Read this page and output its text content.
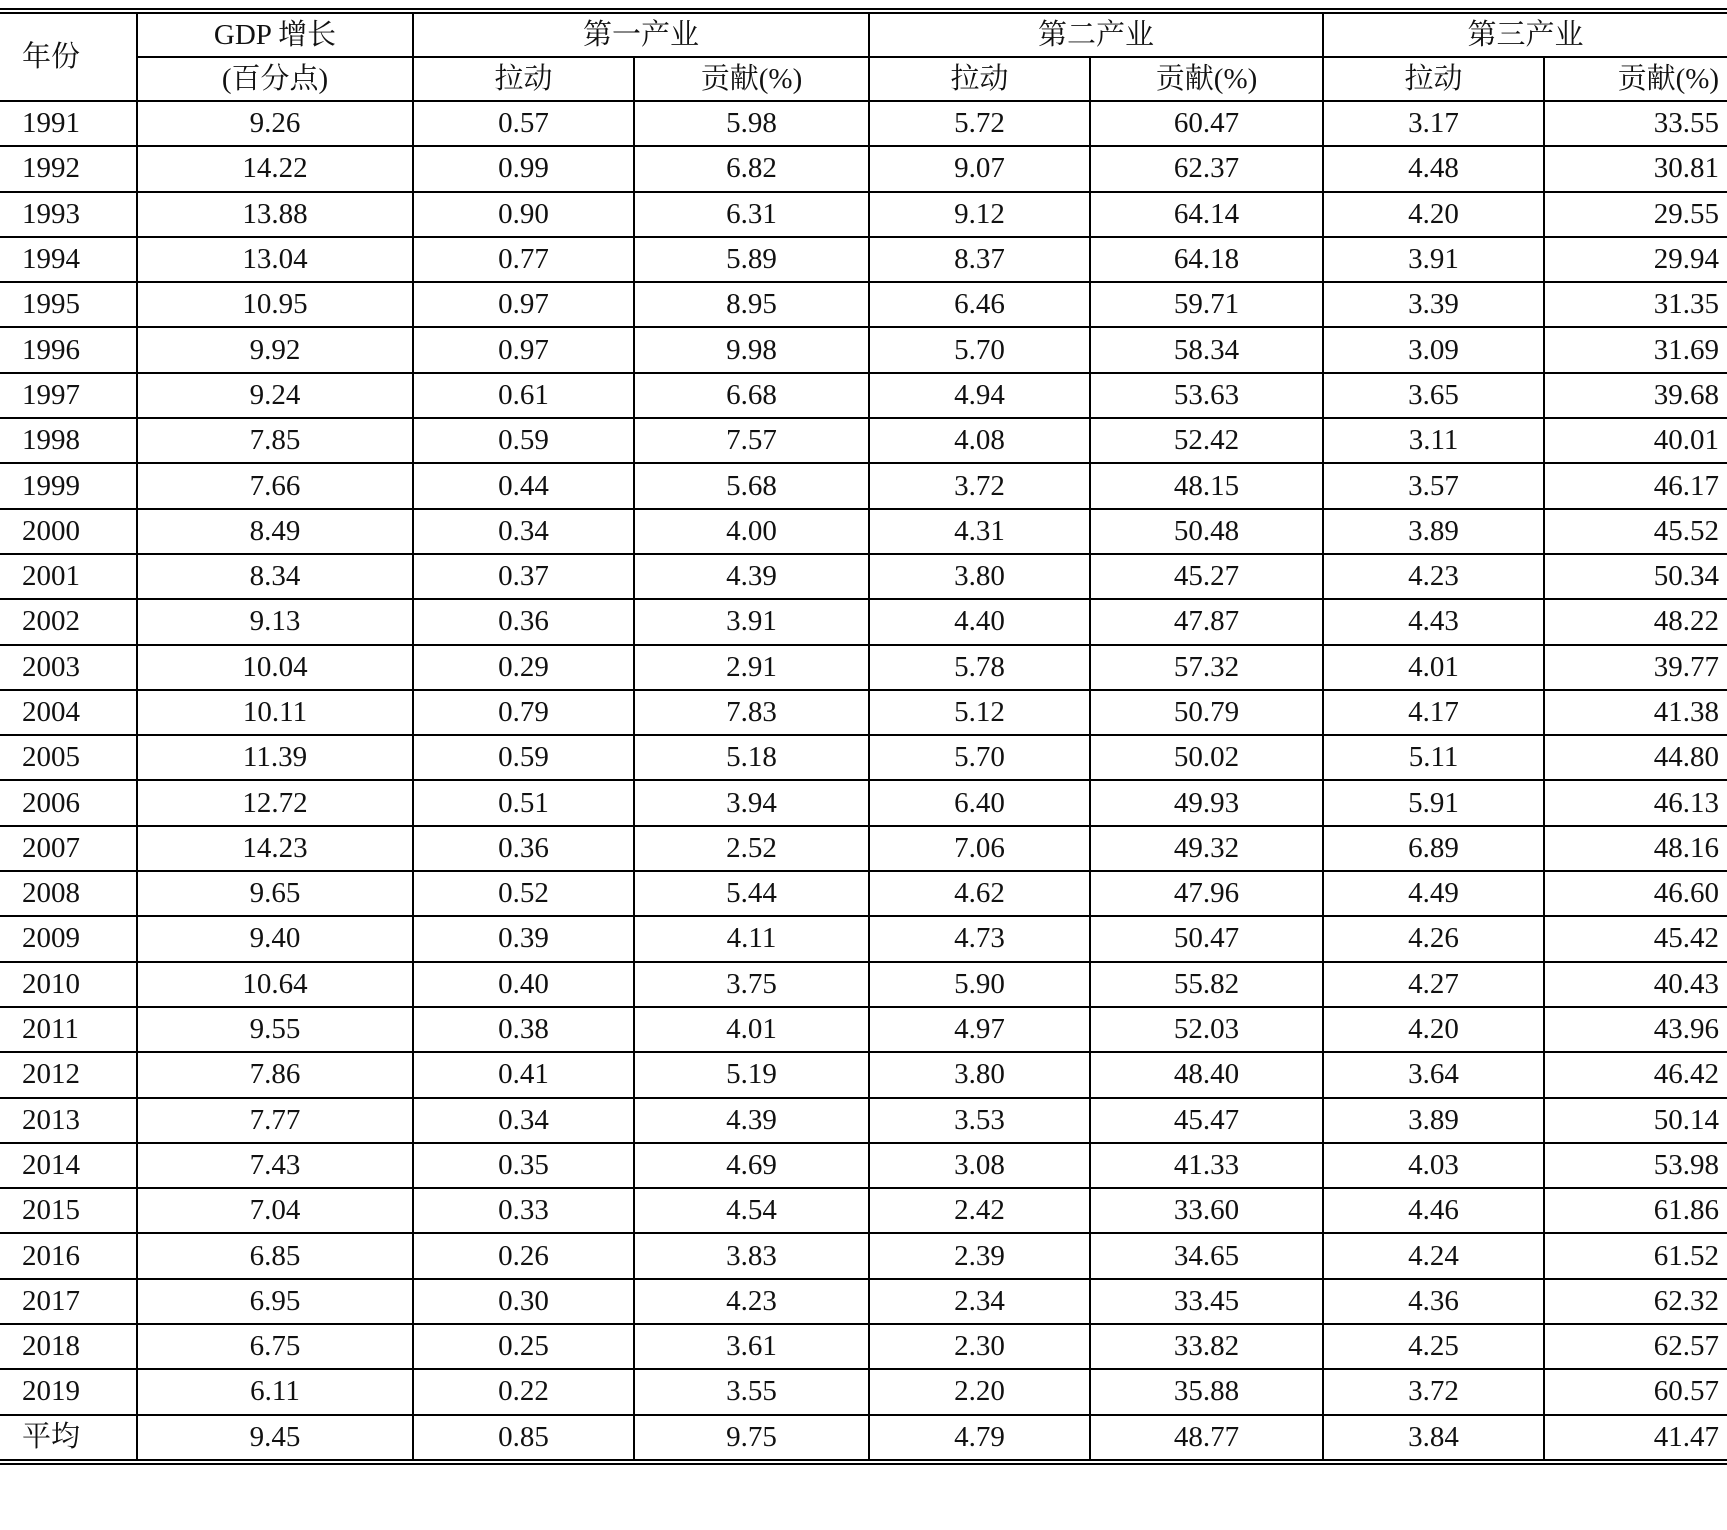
年份	GDP 增长	第一产业		第二产业		第三产业	
	(百分点)	拉动	贡献(%)	拉动	贡献(%)	拉动	贡献(%)
1991	9.26	0.57	5.98	5.72	60.47	3.17	33.55
1992	14.22	0.99	6.82	9.07	62.37	4.48	30.81
1993	13.88	0.90	6.31	9.12	64.14	4.20	29.55
1994	13.04	0.77	5.89	8.37	64.18	3.91	29.94
1995	10.95	0.97	8.95	6.46	59.71	3.39	31.35
1996	9.92	0.97	9.98	5.70	58.34	3.09	31.69
1997	9.24	0.61	6.68	4.94	53.63	3.65	39.68
1998	7.85	0.59	7.57	4.08	52.42	3.11	40.01
1999	7.66	0.44	5.68	3.72	48.15	3.57	46.17
2000	8.49	0.34	4.00	4.31	50.48	3.89	45.52
2001	8.34	0.37	4.39	3.80	45.27	4.23	50.34
2002	9.13	0.36	3.91	4.40	47.87	4.43	48.22
2003	10.04	0.29	2.91	5.78	57.32	4.01	39.77
2004	10.11	0.79	7.83	5.12	50.79	4.17	41.38
2005	11.39	0.59	5.18	5.70	50.02	5.11	44.80
2006	12.72	0.51	3.94	6.40	49.93	5.91	46.13
2007	14.23	0.36	2.52	7.06	49.32	6.89	48.16
2008	9.65	0.52	5.44	4.62	47.96	4.49	46.60
2009	9.40	0.39	4.11	4.73	50.47	4.26	45.42
2010	10.64	0.40	3.75	5.90	55.82	4.27	40.43
2011	9.55	0.38	4.01	4.97	52.03	4.20	43.96
2012	7.86	0.41	5.19	3.80	48.40	3.64	46.42
2013	7.77	0.34	4.39	3.53	45.47	3.89	50.14
2014	7.43	0.35	4.69	3.08	41.33	4.03	53.98
2015	7.04	0.33	4.54	2.42	33.60	4.46	61.86
2016	6.85	0.26	3.83	2.39	34.65	4.24	61.52
2017	6.95	0.30	4.23	2.34	33.45	4.36	62.32
2018	6.75	0.25	3.61	2.30	33.82	4.25	62.57
2019	6.11	0.22	3.55	2.20	35.88	3.72	60.57
平均	9.45	0.85	9.75	4.79	48.77	3.84	41.47
